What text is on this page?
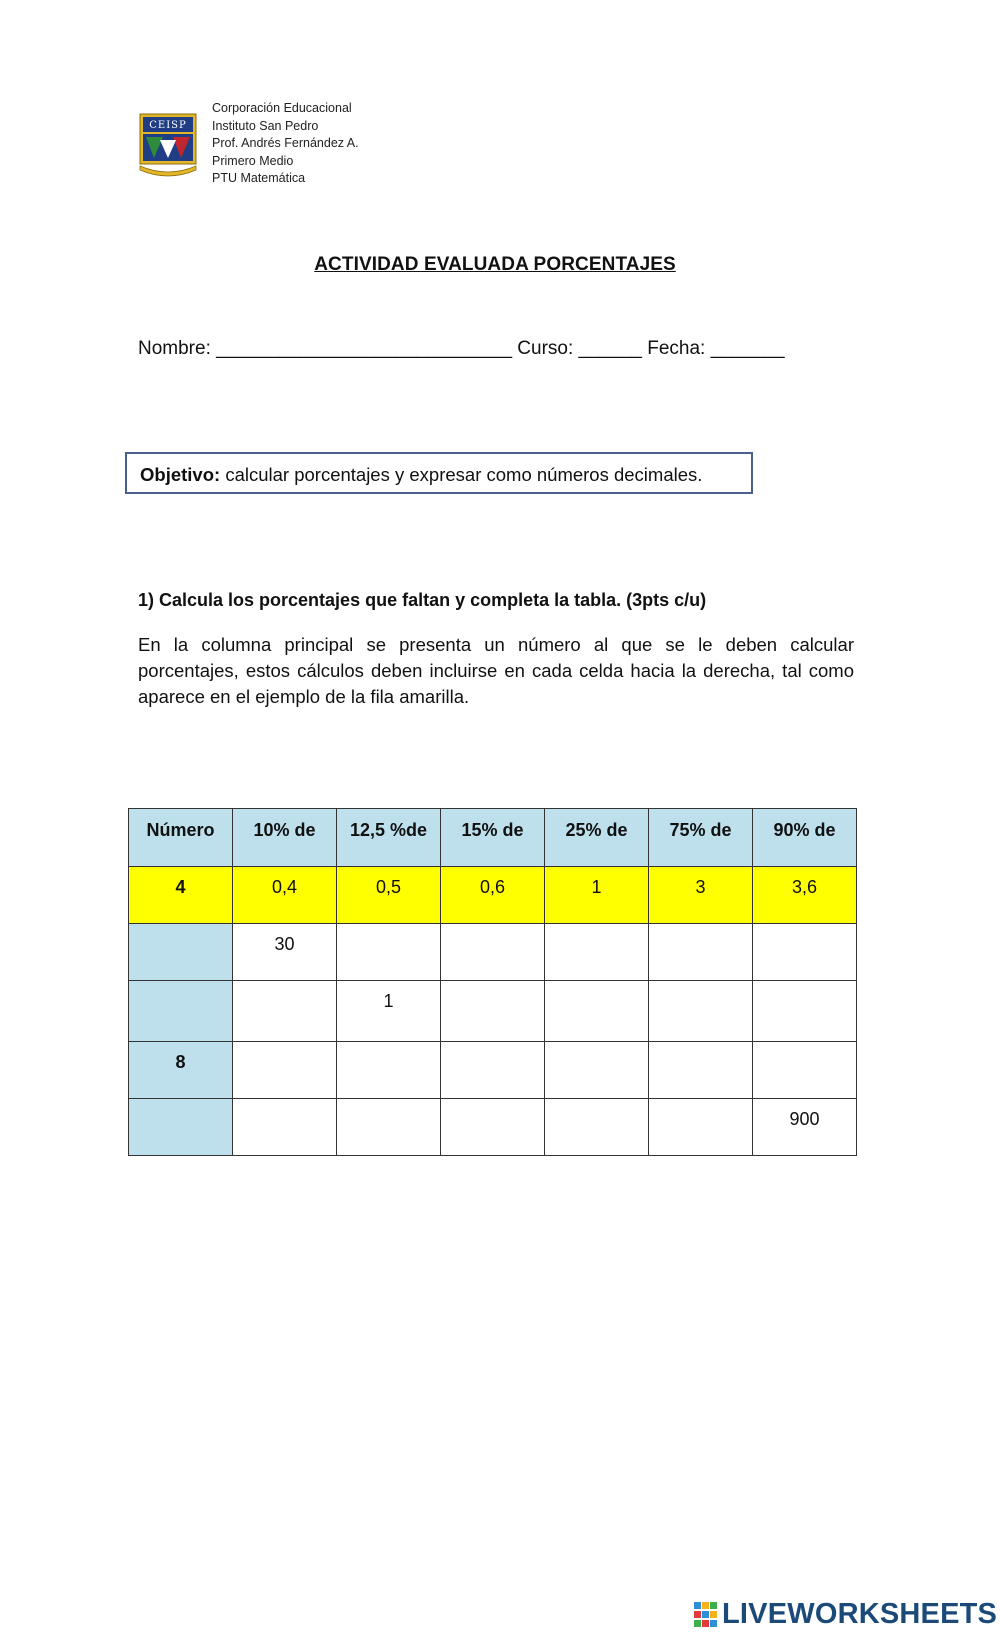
CEISP
Corporación Educacional
Instituto San Pedro
Prof. Andrés Fernández A.
Primero Medio
PTU Matemática
ACTIVIDAD EVALUADA PORCENTAJES
Nombre: ____________________________ Curso: ______ Fecha: _______
Objetivo: calcular porcentajes y expresar como números decimales.
1) Calcula los porcentajes que faltan y completa la tabla. (3pts c/u)
En la columna principal se presenta un número al que se le deben calcular porcentajes, estos cálculos deben incluirse en cada celda hacia la derecha, tal como aparece en el ejemplo de la fila amarilla.
Número	10% de	12,5 %de	15% de	25% de	75% de	90% de
4	0,4	0,5	0,6	1	3	3,6
	30					
		1				
8						
						900
LIVEWORKSHEETS
